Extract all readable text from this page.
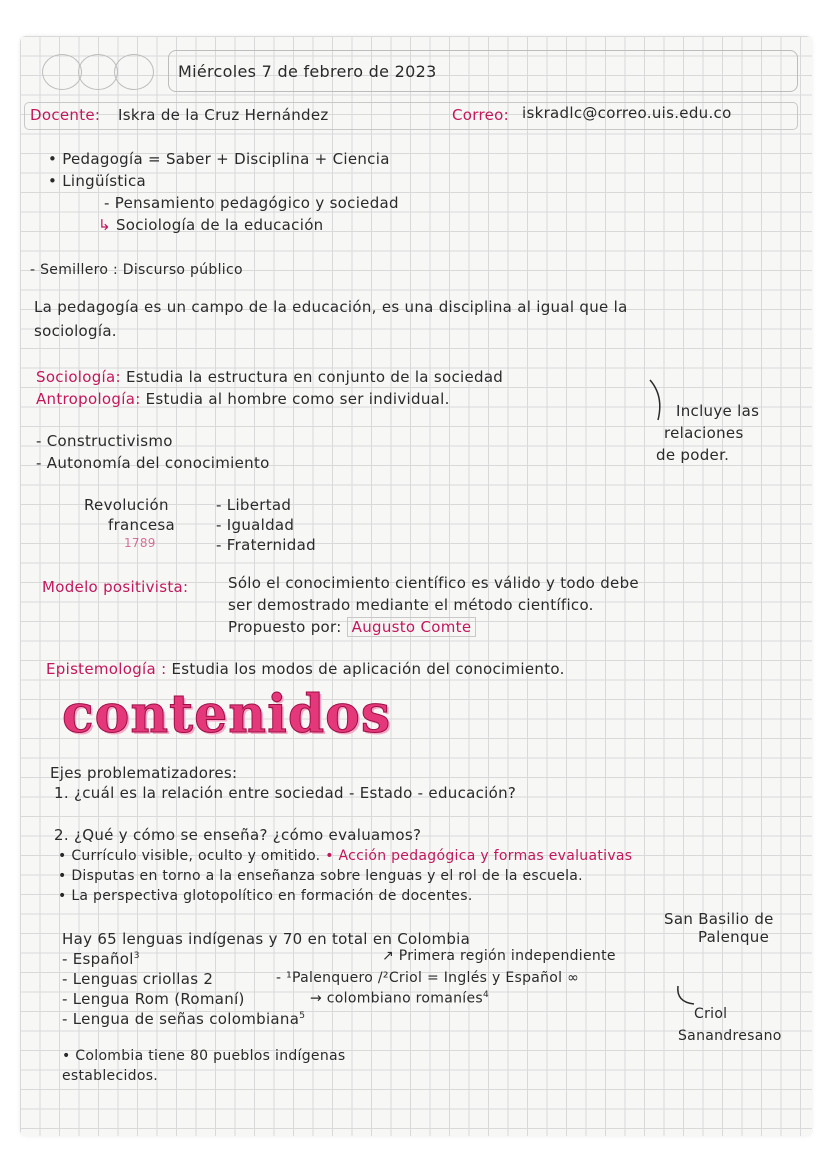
Miércoles 7 de febrero de 2023
Docente: Iskra de la Cruz Hernández	Correo: iskradlc@correo.uis.edu.co
• Pedagogía = Saber + Disciplina + Ciencia
• Lingüística
- Pensamiento pedagógico y sociedad
↳ Sociología de la educación
- Semillero : Discurso público
La pedagogía es un campo de la educación, es una disciplina al igual que la
sociología.
Sociología: Estudia la estructura en conjunto de la sociedad
Antropología: Estudia al hombre como ser individual.
Incluye las
relaciones
de poder.
- Constructivismo
- Autonomía del conocimiento
Revolución
francesa
1789
- Libertad
- Igualdad
- Fraternidad
Modelo positivista:	Sólo el conocimiento científico es válido y todo debe
ser demostrado mediante el método científico.
Propuesto por: Augusto Comte
Epistemología : Estudia los modos de aplicación del conocimiento.
contenidos
Ejes problematizadores:
1. ¿cuál es la relación entre sociedad - Estado - educación?
2. ¿Qué y cómo se enseña? ¿cómo evaluamos?
• Currículo visible, oculto y omitido. • Acción pedagógica y formas evaluativas
• Disputas en torno a la enseñanza sobre lenguas y el rol de la escuela.
• La perspectiva glotopolítico en formación de docentes.
San Basilio de
Palenque
Hay 65 lenguas indígenas y 70 en total en Colombia
- Español$^3$	↗ Primera región independiente
- Lenguas criollas 2	- ¹Palenquero /²Criol = Inglés y Español ∞
- Lengua Rom (Romaní)	→ colombiano romaníes$^4$
- Lengua de señas colombiana$^5$	Criol
Sanandresano
• Colombia tiene 80 pueblos indígenas
establecidos.
